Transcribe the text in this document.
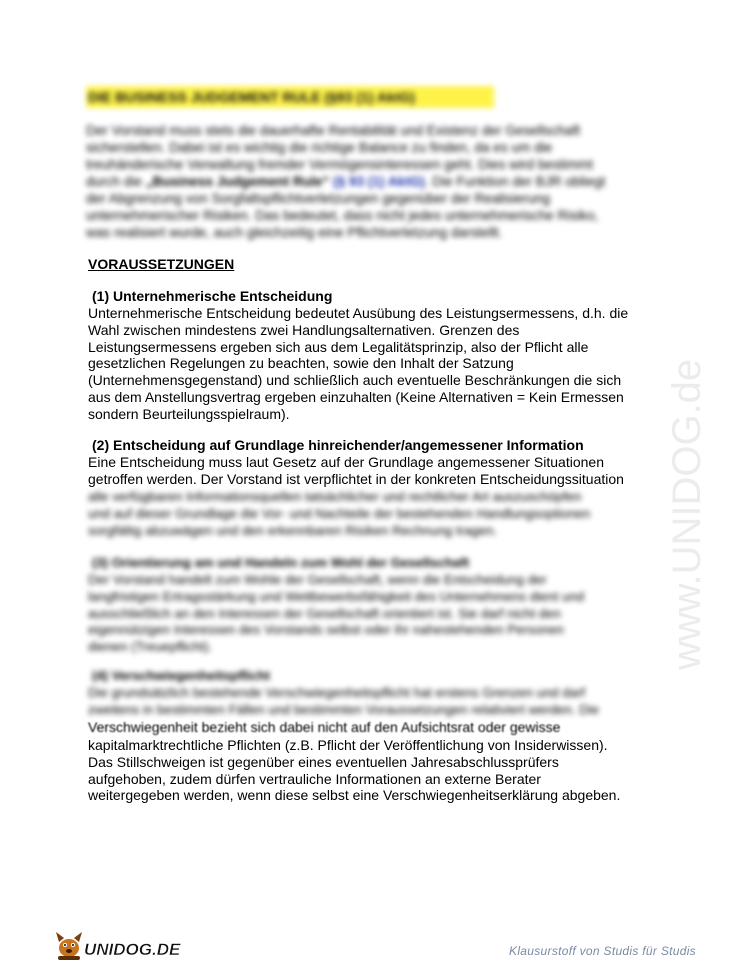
DIE BUSINESS JUDGEMENT RULE (§93 (1) AktG)

Der Vorstand muss stets die dauerhafte Rentabilität und Existenz der Gesellschaft

sicherstellen. Dabei ist es wichtig die richtige Balance zu finden, da es um die

treuhänderische Verwaltung fremder Vermögensinteressen geht. Dies wird bestimmt

durch die „Business Judgement Rule“ (§ 93 (1) AktG). Die Funktion der BJR obliegt

der Abgrenzung von Sorgfaltspflichtverletzungen gegenüber der Realisierung

unternehmerischer Risiken. Das bedeutet, dass nicht jedes unternehmerische Risiko,

was realisiert wurde, auch gleichzeitig eine Pflichtverletzung darstellt.

VORAUSSETZUNGEN
(1) Unternehmerische Entscheidung

Unternehmerische Entscheidung bedeutet Ausübung des Leistungsermessens, d.h. die

Wahl zwischen mindestens zwei Handlungsalternativen. Grenzen des

Leistungsermessens ergeben sich aus dem Legalitätsprinzip, also der Pflicht alle

gesetzlichen Regelungen zu beachten, sowie den Inhalt der Satzung

(Unternehmensgegenstand) und schließlich auch eventuelle Beschränkungen die sich

aus dem Anstellungsvertrag ergeben einzuhalten (Keine Alternativen = Kein Ermessen

sondern Beurteilungsspielraum).

(2) Entscheidung auf Grundlage hinreichender/angemessener Information

Eine Entscheidung muss laut Gesetz auf der Grundlage angemessener Situationen

getroffen werden. Der Vorstand ist verpflichtet in der konkreten Entscheidungssituation

alle verfügbaren Informationsquellen tatsächlicher und rechtlicher Art auszuschöpfen

und auf dieser Grundlage die Vor- und Nachteile der bestehenden Handlungsoptionen

sorgfältig abzuwägen und den erkennbaren Risiken Rechnung tragen.

(3) Orientierung am und Handeln zum Wohl der Gesellschaft

Der Vorstand handelt zum Wohle der Gesellschaft, wenn die Entscheidung der

langfristigen Ertragsstärkung und Wettbewerbsfähigkeit des Unternehmens dient und

ausschließlich an den Interessen der Gesellschaft orientiert ist. Sie darf nicht den

eigennützigen Interessen des Vorstands selbst oder ihr nahestehenden Personen

dienen (Treuepflicht).

(4) Verschwiegenheitspflicht

Die grundsätzlich bestehende Verschwiegenheitspflicht hat erstens Grenzen und darf

zweitens in bestimmten Fällen und bestimmten Voraussetzungen relativiert werden. Die

Verschwiegenheit bezieht sich dabei nicht auf den Aufsichtsrat oder gewisse

kapitalmarktrechtliche Pflichten (z.B. Pflicht der Veröffentlichung von Insiderwissen).

Das Stillschweigen ist gegenüber eines eventuellen Jahresabschlussprüfers

aufgehoben, zudem dürfen vertrauliche Informationen an externe Berater

weitergegeben werden, wenn diese selbst eine Verschwiegenheitserklärung abgeben.

www.UNIDOG.de
UNIDOG.DE	Klausurstoff von Studis für Studis
